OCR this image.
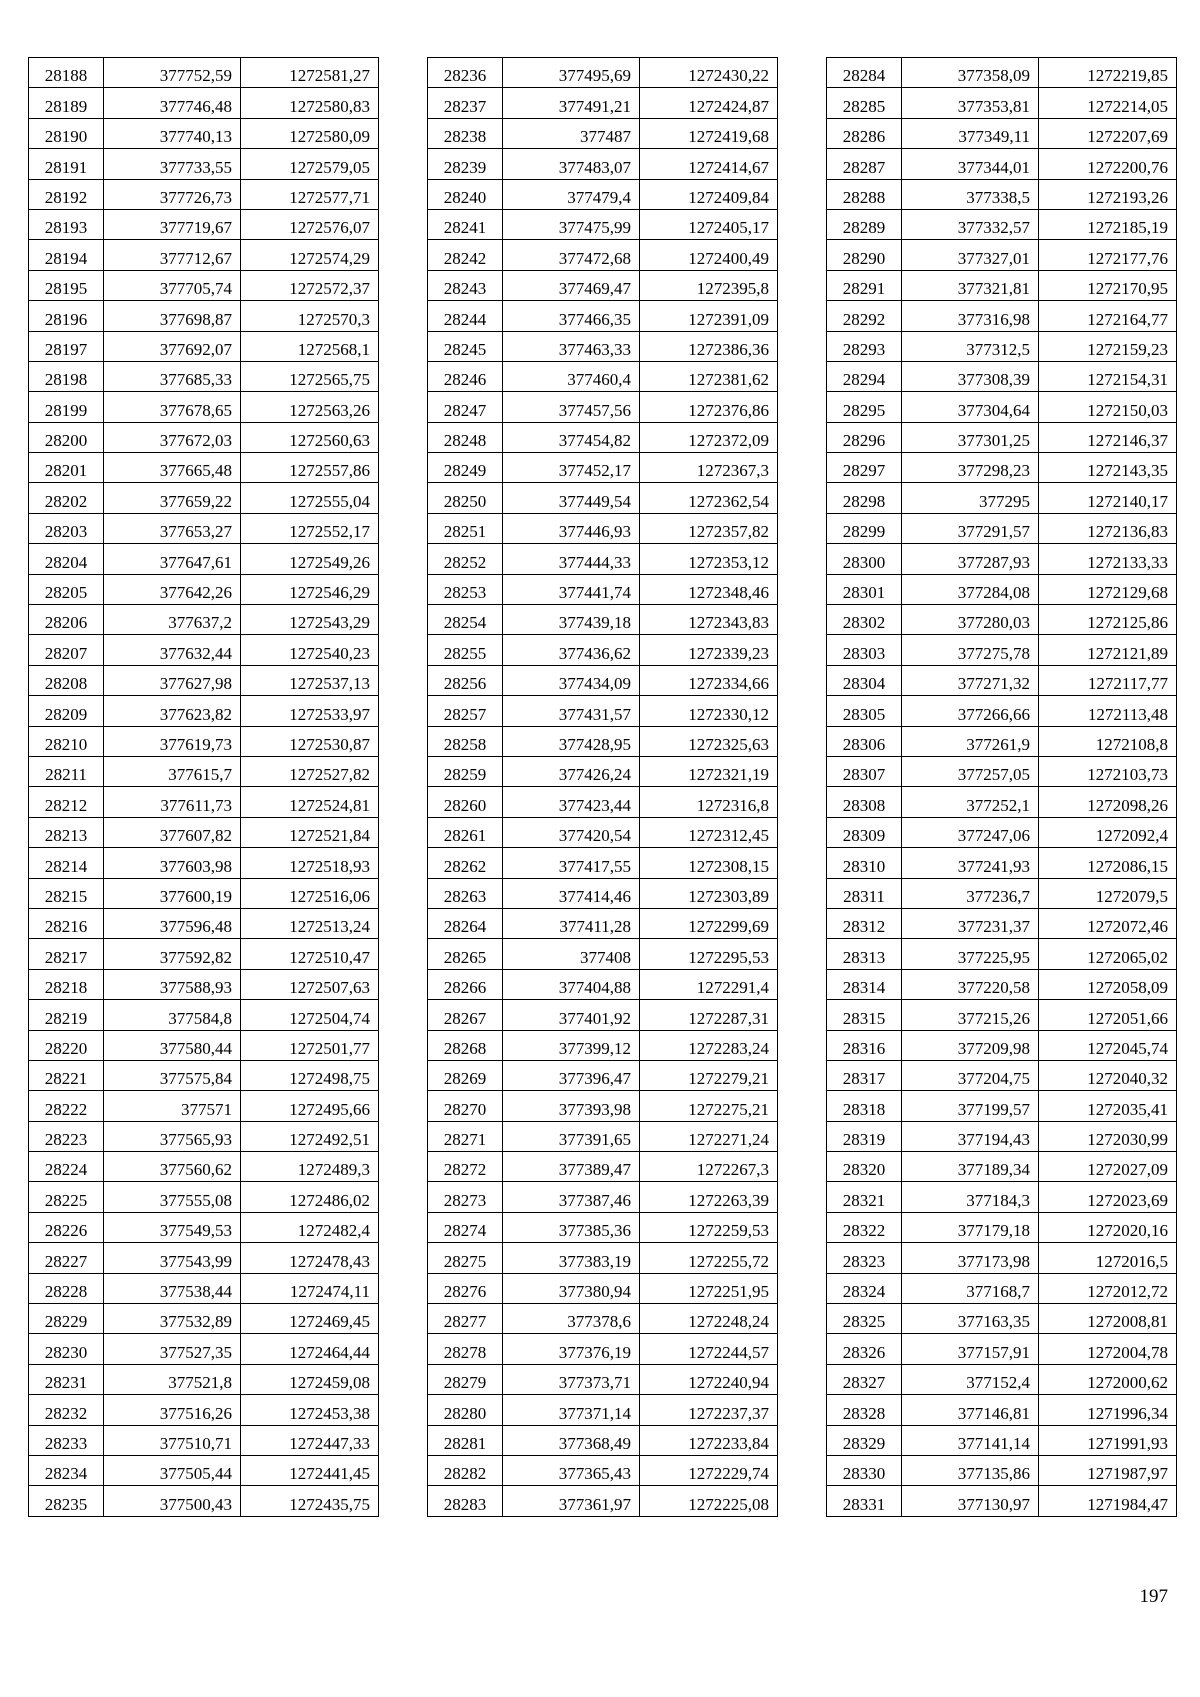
28188	377752,59	1272581,27
28189	377746,48	1272580,83
28190	377740,13	1272580,09
28191	377733,55	1272579,05
28192	377726,73	1272577,71
28193	377719,67	1272576,07
28194	377712,67	1272574,29
28195	377705,74	1272572,37
28196	377698,87	1272570,3
28197	377692,07	1272568,1
28198	377685,33	1272565,75
28199	377678,65	1272563,26
28200	377672,03	1272560,63
28201	377665,48	1272557,86
28202	377659,22	1272555,04
28203	377653,27	1272552,17
28204	377647,61	1272549,26
28205	377642,26	1272546,29
28206	377637,2	1272543,29
28207	377632,44	1272540,23
28208	377627,98	1272537,13
28209	377623,82	1272533,97
28210	377619,73	1272530,87
28211	377615,7	1272527,82
28212	377611,73	1272524,81
28213	377607,82	1272521,84
28214	377603,98	1272518,93
28215	377600,19	1272516,06
28216	377596,48	1272513,24
28217	377592,82	1272510,47
28218	377588,93	1272507,63
28219	377584,8	1272504,74
28220	377580,44	1272501,77
28221	377575,84	1272498,75
28222	377571	1272495,66
28223	377565,93	1272492,51
28224	377560,62	1272489,3
28225	377555,08	1272486,02
28226	377549,53	1272482,4
28227	377543,99	1272478,43
28228	377538,44	1272474,11
28229	377532,89	1272469,45
28230	377527,35	1272464,44
28231	377521,8	1272459,08
28232	377516,26	1272453,38
28233	377510,71	1272447,33
28234	377505,44	1272441,45
28235	377500,43	1272435,75
28236	377495,69	1272430,22
28237	377491,21	1272424,87
28238	377487	1272419,68
28239	377483,07	1272414,67
28240	377479,4	1272409,84
28241	377475,99	1272405,17
28242	377472,68	1272400,49
28243	377469,47	1272395,8
28244	377466,35	1272391,09
28245	377463,33	1272386,36
28246	377460,4	1272381,62
28247	377457,56	1272376,86
28248	377454,82	1272372,09
28249	377452,17	1272367,3
28250	377449,54	1272362,54
28251	377446,93	1272357,82
28252	377444,33	1272353,12
28253	377441,74	1272348,46
28254	377439,18	1272343,83
28255	377436,62	1272339,23
28256	377434,09	1272334,66
28257	377431,57	1272330,12
28258	377428,95	1272325,63
28259	377426,24	1272321,19
28260	377423,44	1272316,8
28261	377420,54	1272312,45
28262	377417,55	1272308,15
28263	377414,46	1272303,89
28264	377411,28	1272299,69
28265	377408	1272295,53
28266	377404,88	1272291,4
28267	377401,92	1272287,31
28268	377399,12	1272283,24
28269	377396,47	1272279,21
28270	377393,98	1272275,21
28271	377391,65	1272271,24
28272	377389,47	1272267,3
28273	377387,46	1272263,39
28274	377385,36	1272259,53
28275	377383,19	1272255,72
28276	377380,94	1272251,95
28277	377378,6	1272248,24
28278	377376,19	1272244,57
28279	377373,71	1272240,94
28280	377371,14	1272237,37
28281	377368,49	1272233,84
28282	377365,43	1272229,74
28283	377361,97	1272225,08
28284	377358,09	1272219,85
28285	377353,81	1272214,05
28286	377349,11	1272207,69
28287	377344,01	1272200,76
28288	377338,5	1272193,26
28289	377332,57	1272185,19
28290	377327,01	1272177,76
28291	377321,81	1272170,95
28292	377316,98	1272164,77
28293	377312,5	1272159,23
28294	377308,39	1272154,31
28295	377304,64	1272150,03
28296	377301,25	1272146,37
28297	377298,23	1272143,35
28298	377295	1272140,17
28299	377291,57	1272136,83
28300	377287,93	1272133,33
28301	377284,08	1272129,68
28302	377280,03	1272125,86
28303	377275,78	1272121,89
28304	377271,32	1272117,77
28305	377266,66	1272113,48
28306	377261,9	1272108,8
28307	377257,05	1272103,73
28308	377252,1	1272098,26
28309	377247,06	1272092,4
28310	377241,93	1272086,15
28311	377236,7	1272079,5
28312	377231,37	1272072,46
28313	377225,95	1272065,02
28314	377220,58	1272058,09
28315	377215,26	1272051,66
28316	377209,98	1272045,74
28317	377204,75	1272040,32
28318	377199,57	1272035,41
28319	377194,43	1272030,99
28320	377189,34	1272027,09
28321	377184,3	1272023,69
28322	377179,18	1272020,16
28323	377173,98	1272016,5
28324	377168,7	1272012,72
28325	377163,35	1272008,81
28326	377157,91	1272004,78
28327	377152,4	1272000,62
28328	377146,81	1271996,34
28329	377141,14	1271991,93
28330	377135,86	1271987,97
28331	377130,97	1271984,47
197
